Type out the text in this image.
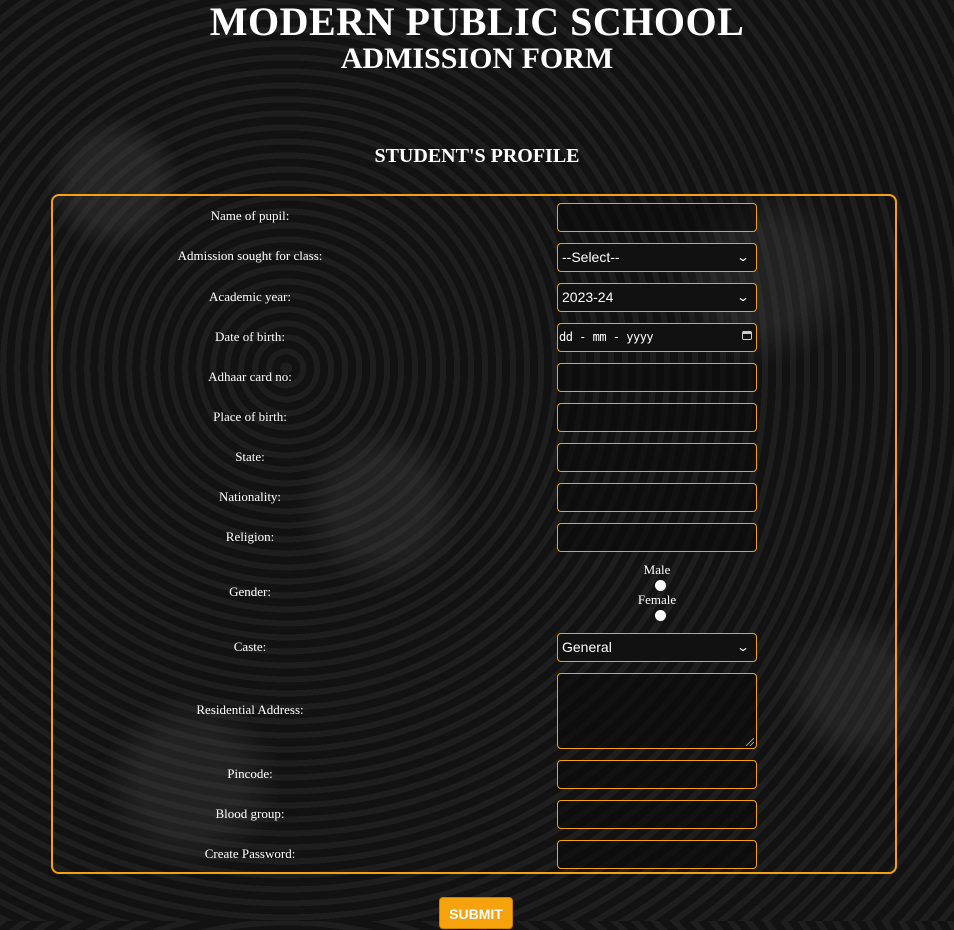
MODERN PUBLIC SCHOOL
ADMISSION FORM
STUDENT'S PROFILE
Name of pupil:
Admission sought for class:	--Select--	⌄
Academic year:	2023-24	⌄
Date of birth:	dd - mm - yyyy
Adhaar card no:
Place of birth:
State:
Nationality:
Religion:
Gender:
Male
Female
Caste:	General	⌄
Residential Address:
Pincode:
Blood group:
Create Password:
SUBMIT
